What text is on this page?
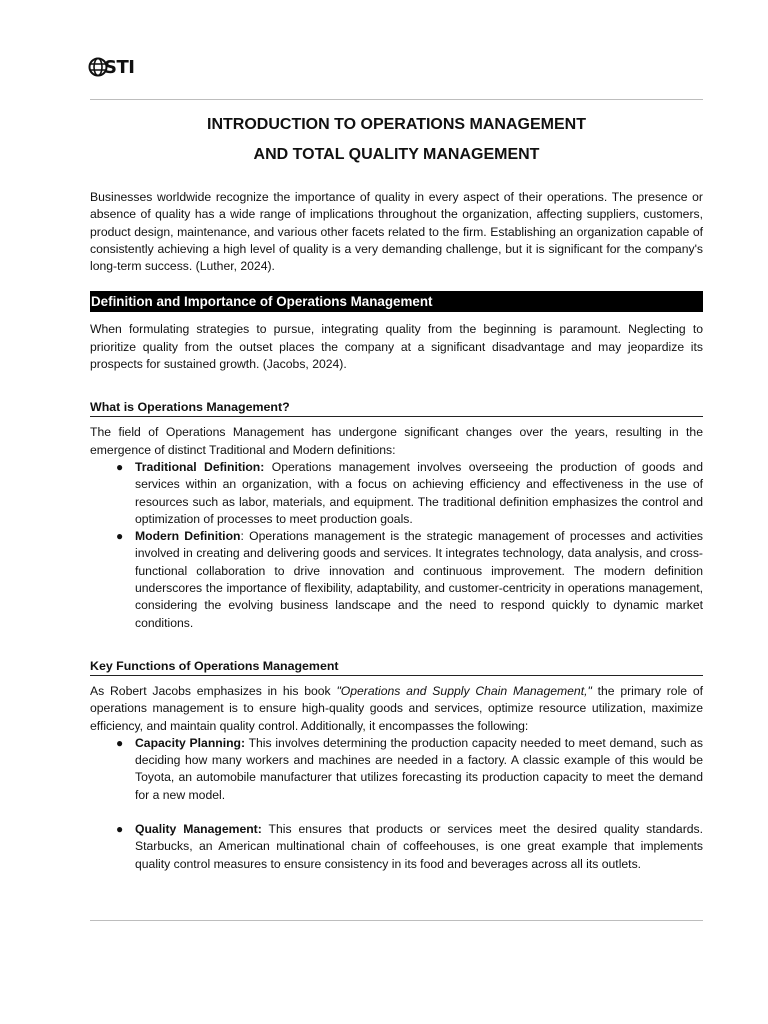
STI
INTRODUCTION TO OPERATIONS MANAGEMENT
AND TOTAL QUALITY MANAGEMENT

Businesses worldwide recognize the importance of quality in every aspect of their operations. The presence or absence of quality has a wide range of implications throughout the organization, affecting suppliers, customers, product design, maintenance, and various other facets related to the firm. Establishing an organization capable of consistently achieving a high level of quality is a very demanding challenge, but it is significant for the company's long-term success. (Luther, 2024).

Definition and Importance of Operations Management

When formulating strategies to pursue, integrating quality from the beginning is paramount. Neglecting to prioritize quality from the outset places the company at a significant disadvantage and may jeopardize its prospects for sustained growth. (Jacobs, 2024).

What is Operations Management?

The field of Operations Management has undergone significant changes over the years, resulting in the emergence of distinct Traditional and Modern definitions:

● Traditional Definition: Operations management involves overseeing the production of goods and services within an organization, with a focus on achieving efficiency and effectiveness in the use of resources such as labor, materials, and equipment. The traditional definition emphasizes the control and optimization of processes to meet production goals.
● Modern Definition: Operations management is the strategic management of processes and activities involved in creating and delivering goods and services. It integrates technology, data analysis, and cross-functional collaboration to drive innovation and continuous improvement. The modern definition underscores the importance of flexibility, adaptability, and customer-centricity in operations management, considering the evolving business landscape and the need to respond quickly to dynamic market conditions.
Key Functions of Operations Management

As Robert Jacobs emphasizes in his book "Operations and Supply Chain Management," the primary role of operations management is to ensure high-quality goods and services, optimize resource utilization, maximize efficiency, and maintain quality control. Additionally, it encompasses the following:

● Capacity Planning: This involves determining the production capacity needed to meet demand, such as deciding how many workers and machines are needed in a factory. A classic example of this would be Toyota, an automobile manufacturer that utilizes forecasting its production capacity to meet the demand for a new model.
● Quality Management: This ensures that products or services meet the desired quality standards. Starbucks, an American multinational chain of coffeehouses, is one great example that implements quality control measures to ensure consistency in its food and beverages across all its outlets.
